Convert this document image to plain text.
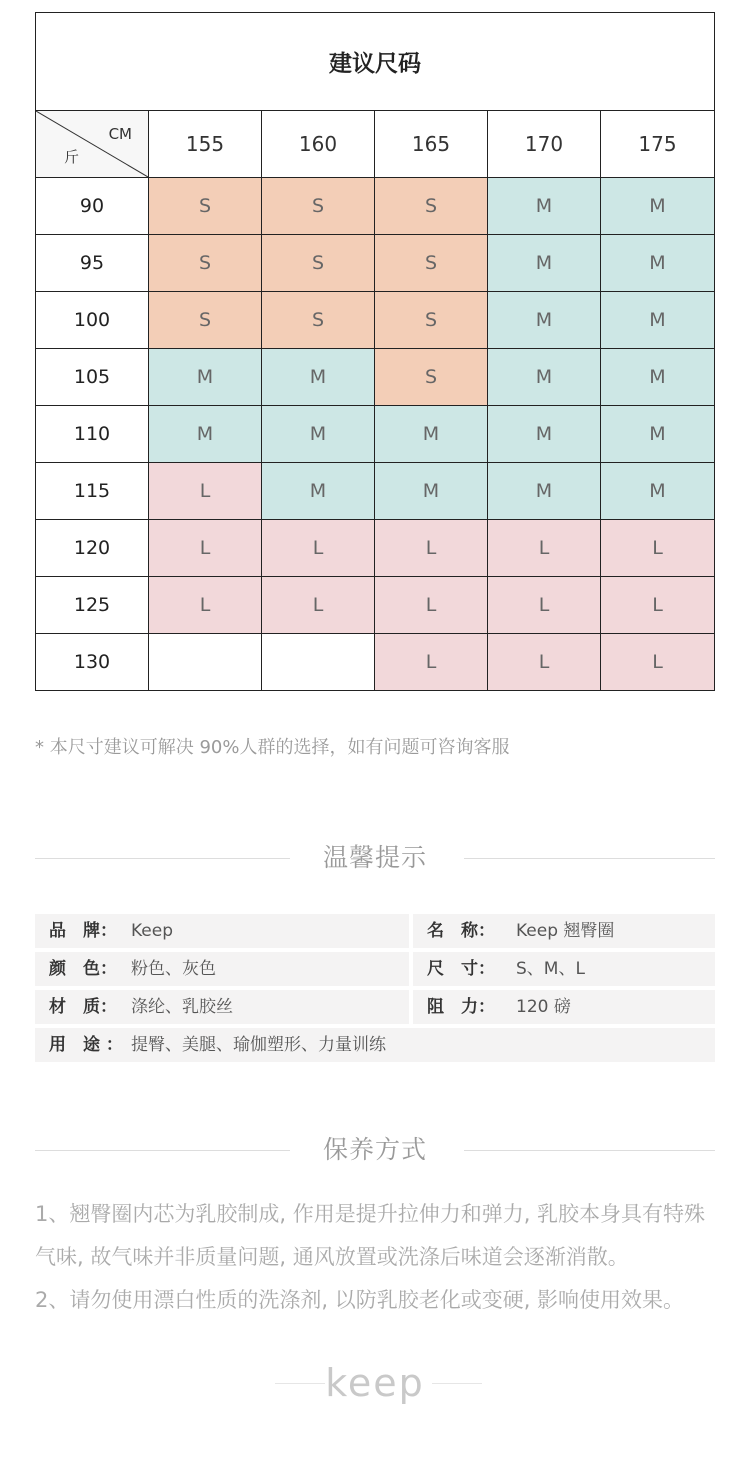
建议尺码					

CM
斤	155	160	165	170	175
90	S	S	S	M	M
95	S	S	S	M	M
100	S	S	S	M	M
105	M	M	S	M	M
110	M	M	M	M	M
115	L	M	M	M	M
120	L	L	L	L	L
125	L	L	L	L	L
130			L	L	L
* 本尺寸建议可解决 90%人群的选择，如有问题可咨询客服
温馨提示
品　牌： Keep	名　称： Keep 翘臀圈
颜　色： 粉色、灰色	尺　寸： S、M、L
材　质： 涤纶、乳胶丝	阻　力： 120 磅
用　途 ： 提臀、美腿、瑜伽塑形、力量训练
保养方式

1、翘臀圈内芯为乳胶制成, 作用是提升拉伸力和弹力, 乳胶本身具有特殊气味, 故气味并非质量问题, 通风放置或洗涤后味道会逐渐消散。

2、请勿使用漂白性质的洗涤剂, 以防乳胶老化或变硬, 影响使用效果。

keep
